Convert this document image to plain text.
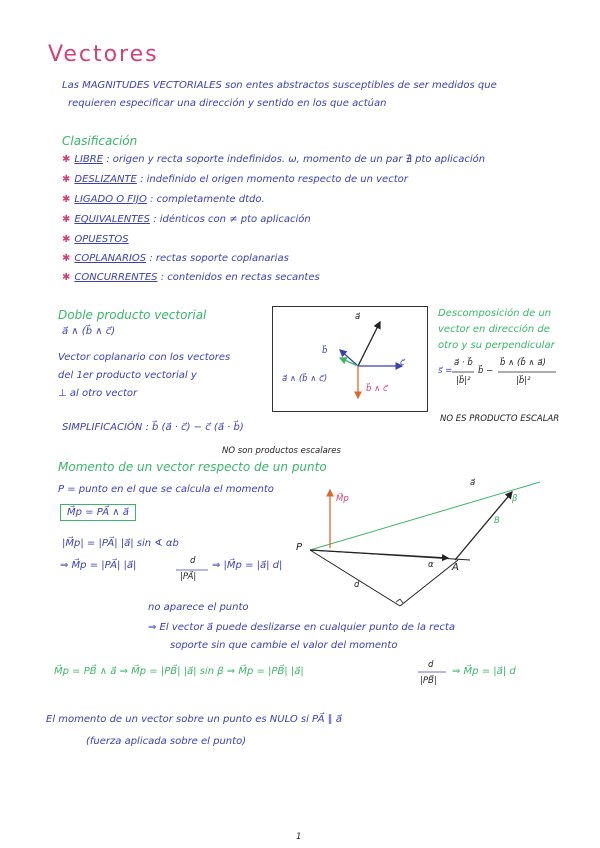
Vectores
Las MAGNITUDES VECTORIALES son entes abstractos susceptibles de ser medidos que
requieren especificar una dirección y sentido en los que actúan
Clasificación
✱ LIBRE : origen y recta soporte indefinidos. ω, momento de un par ∄ pto aplicación
✱ DESLIZANTE : indefinido el origen momento respecto de un vector
✱ LIGADO O FIJO : completamente dtdo.
✱ EQUIVALENTES : idénticos con ≠ pto aplicación
✱ OPUESTOS
✱ COPLANARIOS : rectas soporte coplanarias
✱ CONCURRENTES : contenidos en rectas secantes
Doble producto vectorial
a⃗ ∧ (b⃗ ∧ c⃗)
Vector coplanario con los vectores
del 1er producto vectorial y
⊥ al otro vector
SIMPLIFICACIÓN : b⃗ (a⃗ · c⃗) − c⃗ (a⃗ · b⃗)
NO son productos escalares
a⃗
b⃗
c⃗
b⃗ ∧ c⃗
a⃗ ∧ (b⃗ ∧ c⃗)
Descomposición de un
vector en dirección de
otro y su perpendicular
s⃗ =
a⃗ · b⃗
|b⃗|²
b⃗ −
b⃗ ∧ (b⃗ ∧ a⃗)
|b⃗|²
NO ES PRODUCTO ESCALAR
Momento de un vector respecto de un punto
P = punto en el que se calcula el momento
M⃗p = PA⃗ ∧ a⃗
|M⃗p| = |PA⃗| |a⃗| sin ∢ αb
⇒ M⃗p = |PA⃗| |a⃗|	d
|PA⃗|
⇒ |M⃗p = |a⃗| d|
no aparece el punto
⇒ El vector a⃗ puede deslizarse en cualquier punto de la recta
soporte sin que cambie el valor del momento
M⃗p = PB⃗ ∧ a⃗ ⇒ M⃗p = |PB⃗| |a⃗| sin β ⇒ M⃗p = |PB⃗| |a⃗|
d
|PB⃗|
⇒ M⃗p = |a⃗| d
El momento de un vector sobre un punto es NULO si PA⃗ ∥ a⃗
(fuerza aplicada sobre el punto)
M⃗p
P
A
a⃗
B
d
α
β
1
